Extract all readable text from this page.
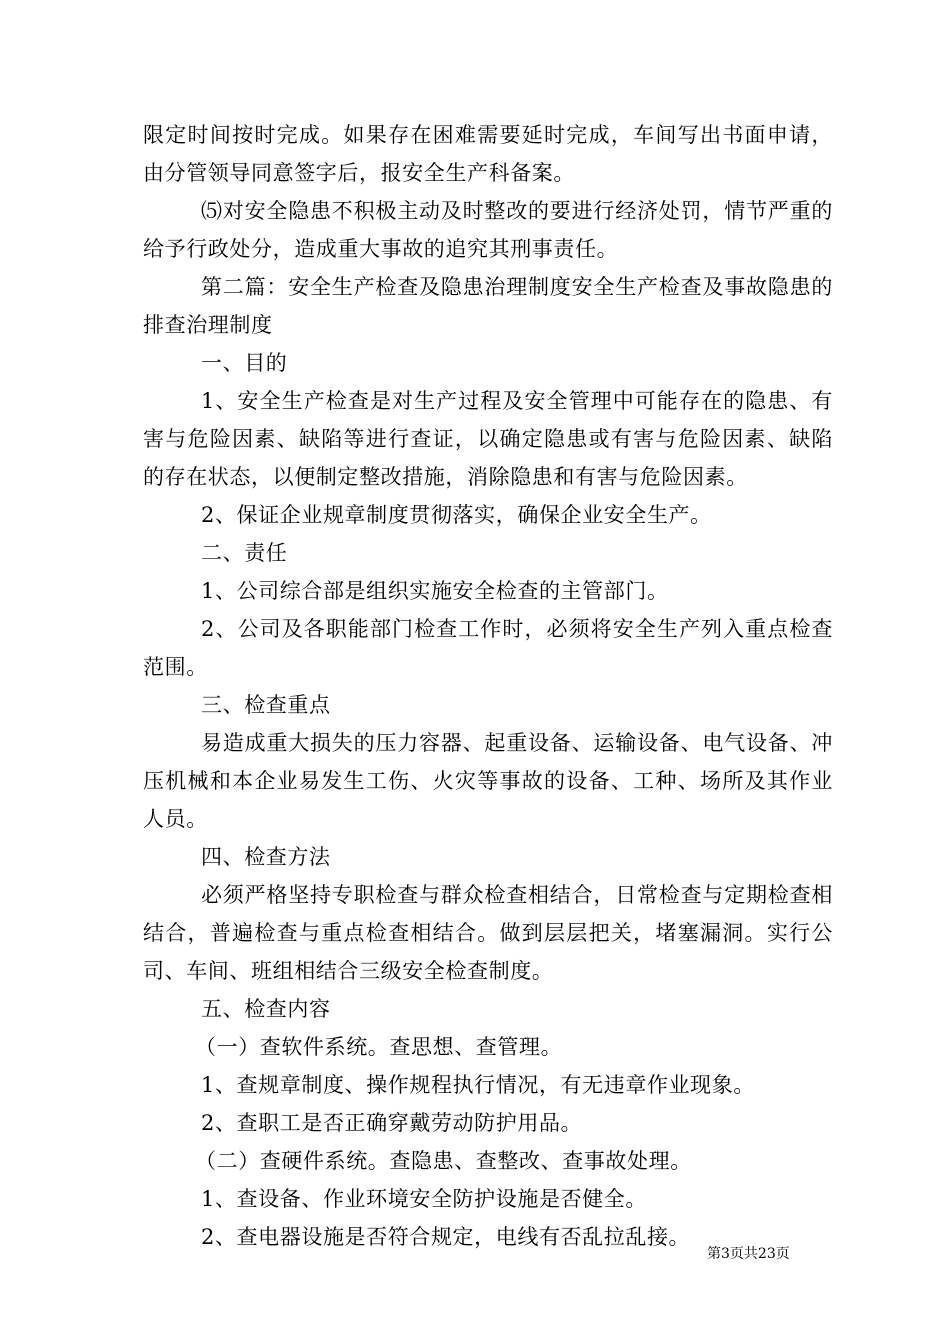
限定时间按时完成。如果存在困难需要延时完成，车间写出书面申请，由分管领导同意签字后，报安全生产科备案。

⑸对安全隐患不积极主动及时整改的要进行经济处罚，情节严重的给予行政处分，造成重大事故的追究其刑事责任。

第二篇：安全生产检查及隐患治理制度安全生产检查及事故隐患的排查治理制度

一、目的

1、安全生产检查是对生产过程及安全管理中可能存在的隐患、有害与危险因素、缺陷等进行查证，以确定隐患或有害与危险因素、缺陷的存在状态，以便制定整改措施，消除隐患和有害与危险因素。

2、保证企业规章制度贯彻落实，确保企业安全生产。

二、责任

1、公司综合部是组织实施安全检查的主管部门。

2、公司及各职能部门检查工作时，必须将安全生产列入重点检查范围。

三、检查重点

易造成重大损失的压力容器、起重设备、运输设备、电气设备、冲压机械和本企业易发生工伤、火灾等事故的设备、工种、场所及其作业人员。

四、检查方法

必须严格坚持专职检查与群众检查相结合，日常检查与定期检查相结合，普遍检查与重点检查相结合。做到层层把关，堵塞漏洞。实行公司、车间、班组相结合三级安全检查制度。

五、检查内容

（一）查软件系统。查思想、查管理。

1、查规章制度、操作规程执行情况，有无违章作业现象。

2、查职工是否正确穿戴劳动防护用品。

（二）查硬件系统。查隐患、查整改、查事故处理。

1、查设备、作业环境安全防护设施是否健全。

2、查电器设施是否符合规定，电线有否乱拉乱接。

第3页共23页
